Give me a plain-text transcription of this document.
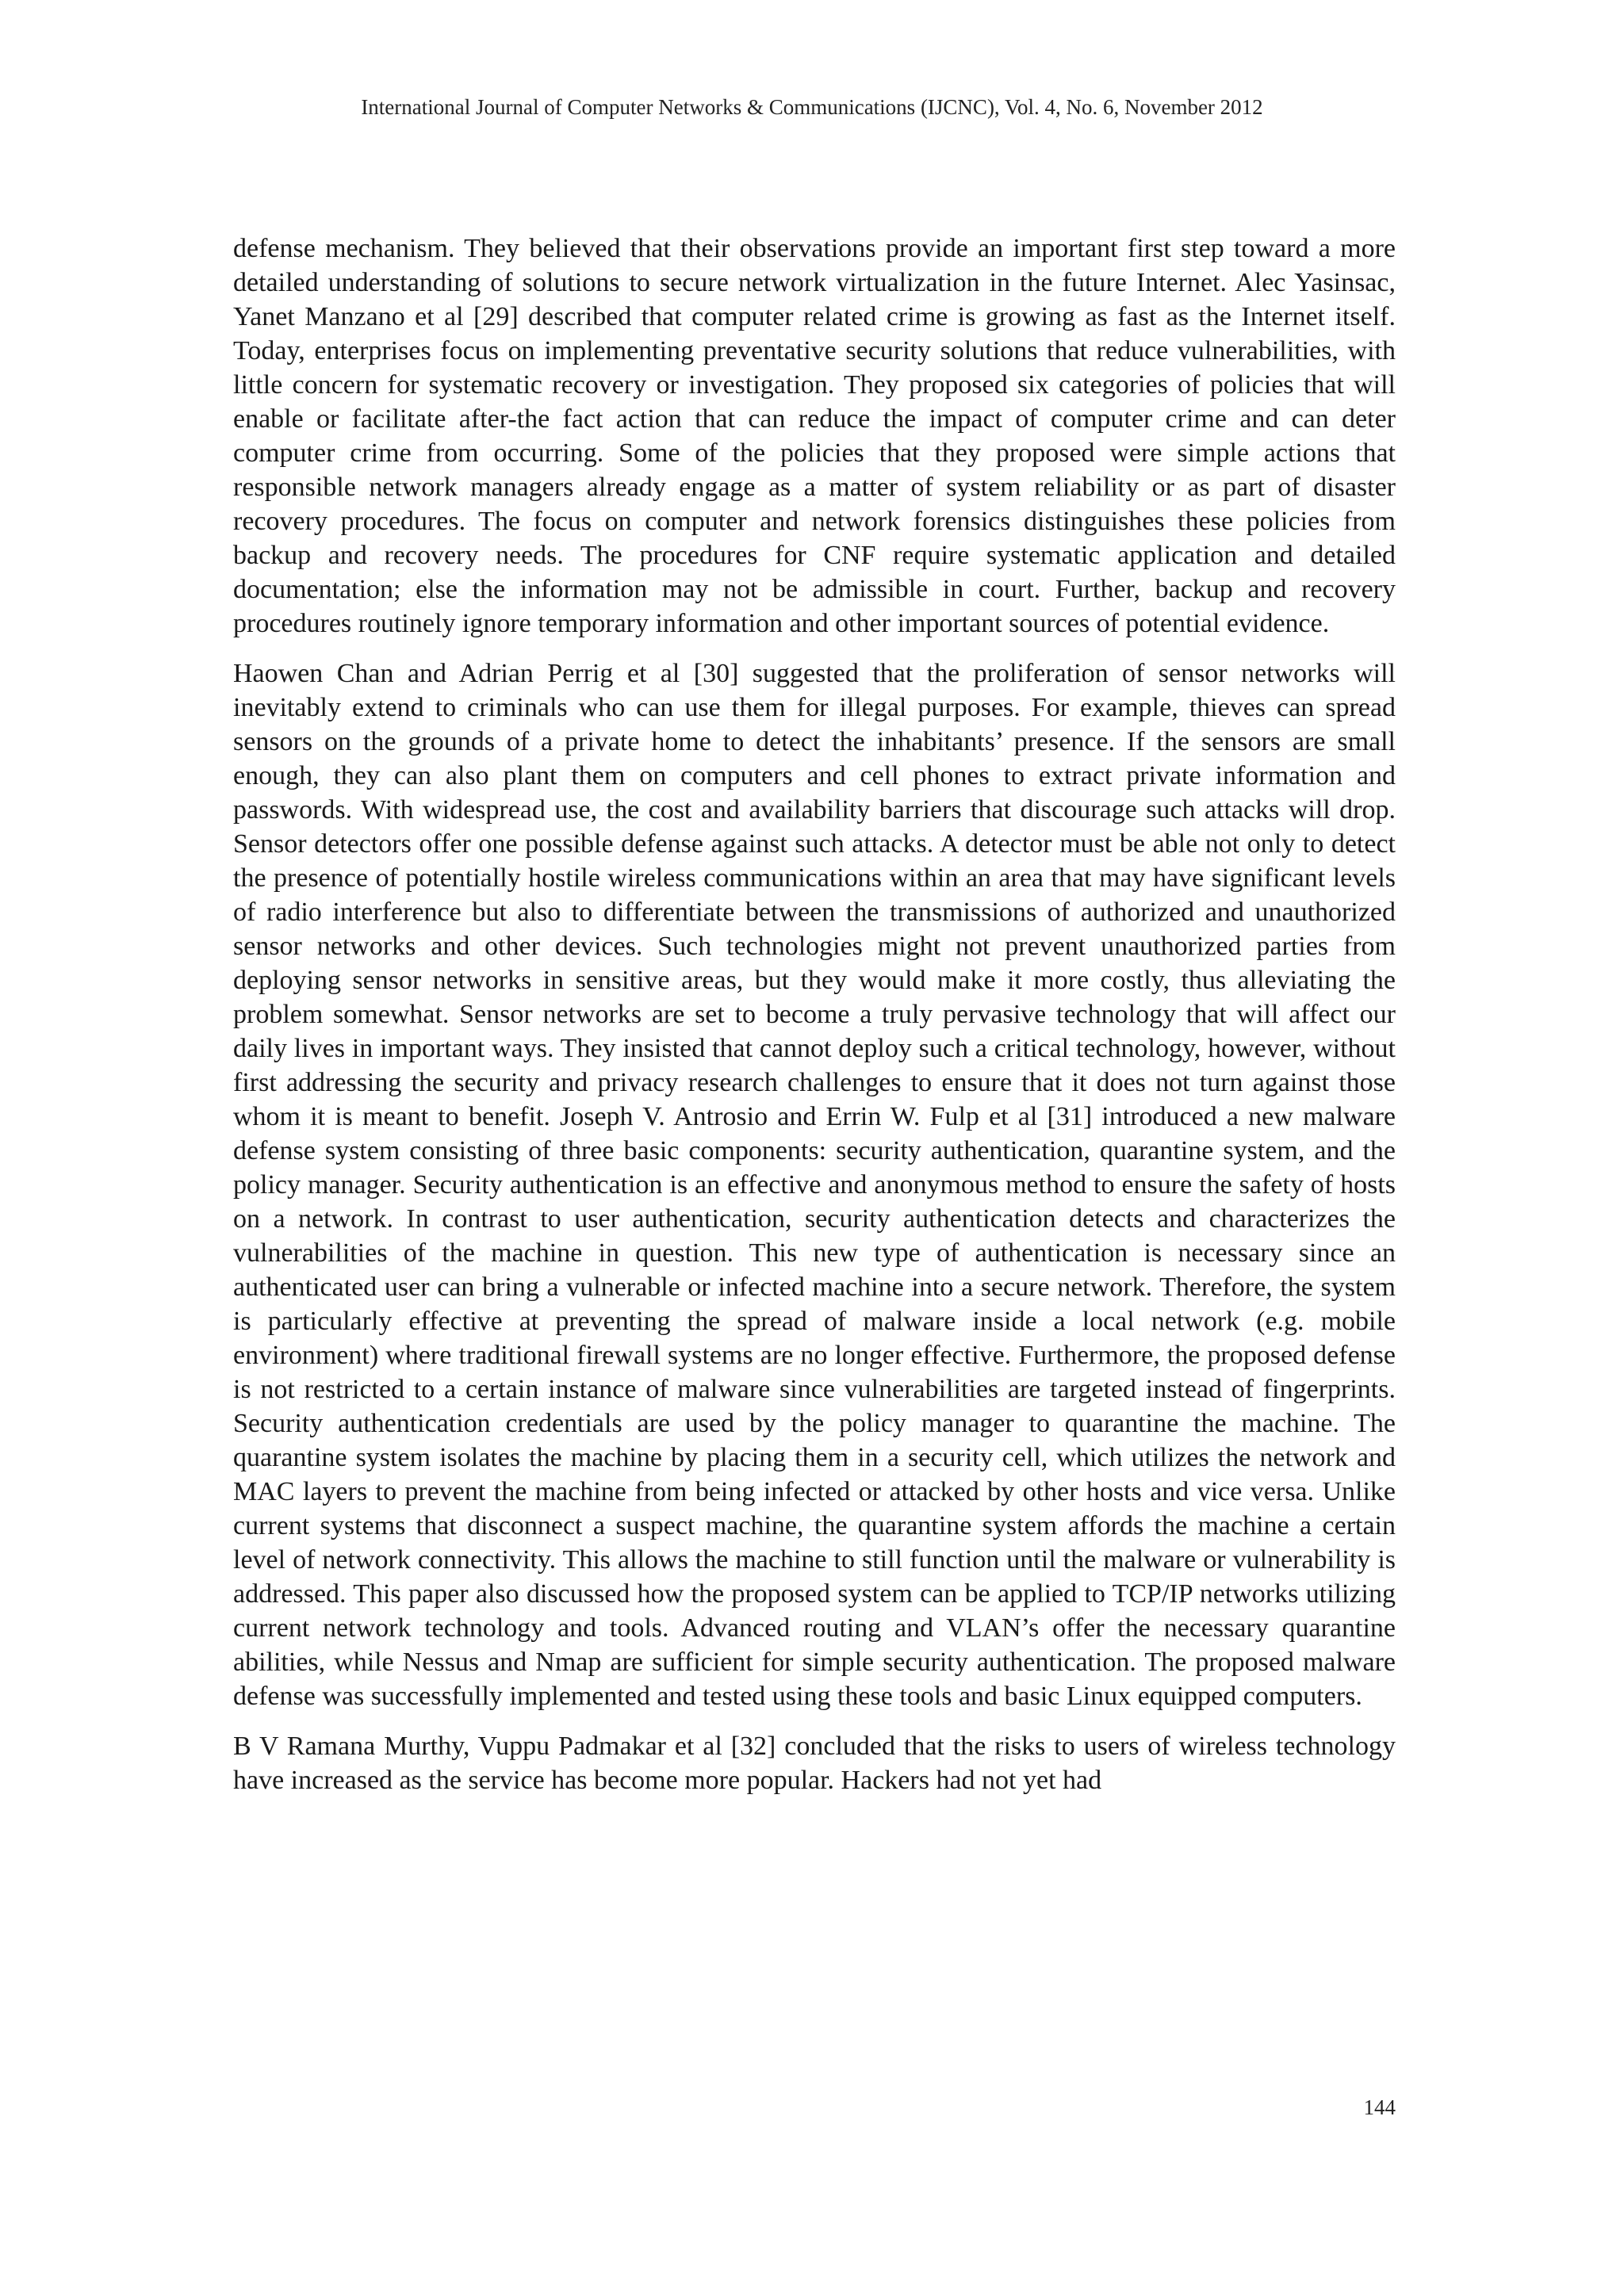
International Journal of Computer Networks & Communications (IJCNC), Vol. 4, No. 6, November 2012

defense mechanism. They believed that their observations provide an important first step toward a more detailed understanding of solutions to secure network virtualization in the future Internet. Alec Yasinsac, Yanet Manzano et al [29] described that computer related crime is growing as fast as the Internet itself. Today, enterprises focus on implementing preventative security solutions that reduce vulnerabilities, with little concern for systematic recovery or investigation. They proposed six categories of policies that will enable or facilitate after-the fact action that can reduce the impact of computer crime and can deter computer crime from occurring. Some of the policies that they proposed were simple actions that responsible network managers already engage as a matter of system reliability or as part of disaster recovery procedures. The focus on computer and network forensics distinguishes these policies from backup and recovery needs. The procedures for CNF require systematic application and detailed documentation; else the information may not be admissible in court. Further, backup and recovery procedures routinely ignore temporary information and other important sources of potential evidence.

Haowen Chan and Adrian Perrig et al [30] suggested that the proliferation of sensor networks will inevitably extend to criminals who can use them for illegal purposes. For example, thieves can spread sensors on the grounds of a private home to detect the inhabitants’ presence. If the sensors are small enough, they can also plant them on computers and cell phones to extract private information and passwords. With widespread use, the cost and availability barriers that discourage such attacks will drop. Sensor detectors offer one possible defense against such attacks. A detector must be able not only to detect the presence of potentially hostile wireless communications within an area that may have significant levels of radio interference but also to differentiate between the transmissions of authorized and unauthorized sensor networks and other devices. Such technologies might not prevent unauthorized parties from deploying sensor networks in sensitive areas, but they would make it more costly, thus alleviating the problem somewhat. Sensor networks are set to become a truly pervasive technology that will affect our daily lives in important ways. They insisted that cannot deploy such a critical technology, however, without first addressing the security and privacy research challenges to ensure that it does not turn against those whom it is meant to benefit. Joseph V. Antrosio and Errin W. Fulp et al [31] introduced a new malware defense system consisting of three basic components: security authentication, quarantine system, and the policy manager. Security authentication is an effective and anonymous method to ensure the safety of hosts on a network. In contrast to user authentication, security authentication detects and characterizes the vulnerabilities of the machine in question. This new type of authentication is necessary since an authenticated user can bring a vulnerable or infected machine into a secure network. Therefore, the system is particularly effective at preventing the spread of malware inside a local network (e.g. mobile environment) where traditional firewall systems are no longer effective. Furthermore, the proposed defense is not restricted to a certain instance of malware since vulnerabilities are targeted instead of fingerprints. Security authentication credentials are used by the policy manager to quarantine the machine. The quarantine system isolates the machine by placing them in a security cell, which utilizes the network and MAC layers to prevent the machine from being infected or attacked by other hosts and vice versa. Unlike current systems that disconnect a suspect machine, the quarantine system affords the machine a certain level of network connectivity. This allows the machine to still function until the malware or vulnerability is addressed. This paper also discussed how the proposed system can be applied to TCP/IP networks utilizing current network technology and tools. Advanced routing and VLAN’s offer the necessary quarantine abilities, while Nessus and Nmap are sufficient for simple security authentication. The proposed malware defense was successfully implemented and tested using these tools and basic Linux equipped computers.

B V Ramana Murthy, Vuppu Padmakar et al [32] concluded that the risks to users of wireless technology have increased as the service has become more popular. Hackers had not yet had

144
